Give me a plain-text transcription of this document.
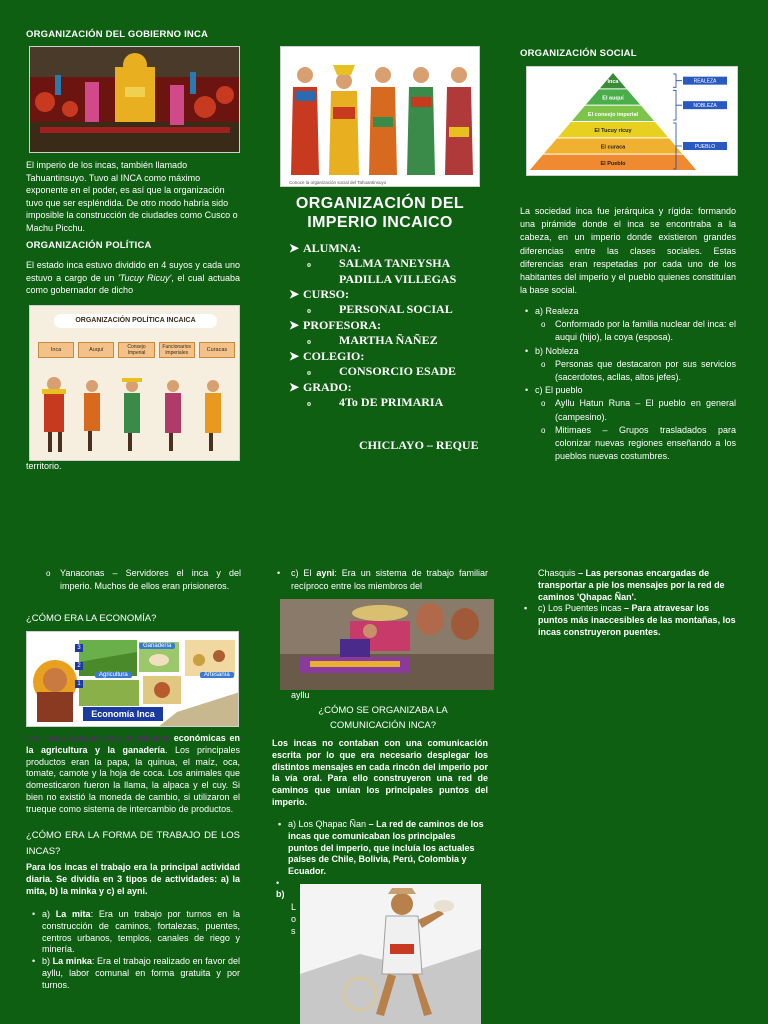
ORGANIZACIÓN DEL GOBIERNO INCA
El imperio de los incas, también llamado Tahuantinsuyo. Tuvo al INCA como máximo exponente en el poder, es así que la organización tuvo que ser espléndida. De otro modo habría sido imposible la construcción de ciudades como Cusco o Machu Picchu.
ORGANIZACIÓN POLÍTICA
El estado inca estuvo dividido en 4 suyos y cada uno estuvo a cargo de un 'Tucuy Ricuy', el cual actuaba como gobernador de dicho
ORGANIZACIÓN POLÍTICA INCAICA
Inca	Auquí	Consejo Imperial
Funcionarios imperiales	Curacas
territorio.
Conoce la organización social del Tahuantinsuyo
ORGANIZACIÓN DEL
IMPERIO INCAICO
➤ ALUMNA:
o SALMA TANEYSHA
PADILLA VILLEGAS
➤ CURSO:
o PERSONAL SOCIAL
➤ PROFESORA:
o MARTHA ÑAÑEZ
➤ COLEGIO:
o CONSORCIO ESADE
➤ GRADO:
o 4To DE PRIMARIA
CHICLAYO – REQUE
ORGANIZACIÓN SOCIAL
Inca
El auquí
El consejo imperial
El Tucuy ricuy
El curaca
El Pueblo
REALEZA
NOBLEZA
PUEBLO
La sociedad inca fue jerárquica y rígida: formando una pirámide donde el inca se encontraba a la cabeza, en un imperio donde existieron grandes diferencias entre las clases sociales. Estas diferencias eran respetadas por cada uno de los habitantes del imperio y el pueblo quienes constituían la base social.
• a) Realeza
o Conformado por la familia nuclear del inca: el auqui (hijo), la coya (esposa).
• b) Nobleza
o Personas que destacaron por sus servicios (sacerdotes, acllas, altos jefes).
• c) El pueblo
o Ayllu Hatun Runa – El pueblo en general (campesino).
o Mitimaes – Grupos trasladados para colonizar nuevas regiones enseñando a los pueblos nuevas costumbres.
o Yanaconas – Servidores el inca y del imperio. Muchos de ellos eran prisioneros.
¿CÓMO ERA LA ECONOMÍA?
Ganadería
Agricultura	Artesanía
Economía Inca
1
2
3
Los incas basaban sus actividades económicas en la agricultura y la ganadería. Los principales productos eran la papa, la quinua, el maíz, oca, tomate, camote y la hoja de coca. Los animales que domesticaron fueron la llama, la alpaca y el cuy. Si bien no existió la moneda de cambio, si utilizaron el trueque como sistema de intercambio de productos.
¿CÓMO ERA LA FORMA DE TRABAJO DE LOS INCAS?
Para los incas el trabajo era la principal actividad diaria. Se dividía en 3 tipos de actividades: a) la mita, b) la minka y c) el ayni.
• a) La mita: Era un trabajo por turnos en la construcción de caminos, fortalezas, puentes, centros urbanos, templos, canales de riego y minería.
• b) La minka: Era el trabajo realizado en favor del ayllu, labor comunal en forma gratuita y por turnos.
• c) El ayni: Era un sistema de trabajo familiar recíproco entre los miembros del
ayllu
¿CÓMO SE ORGANIZABA LA COMUNICACIÓN INCA?
Los incas no contaban con una comunicación escrita por lo que era necesario desplegar los distintos mensajes en cada rincón del imperio por la vía oral. Para ello construyeron una red de caminos que unían los principales puntos del imperio.
• a) Los Qhapac Ñan – La red de caminos de los incas que comunicaban los principales puntos del imperio, que incluía los actuales países de Chile, Bolivia, Perú, Colombia y Ecuador.
•
b)
L
o
s
Chasquis – Las personas encargadas de transportar a pie los mensajes por la red de caminos 'Qhapac Ñan'.
• c) Los Puentes incas – Para atravesar los puntos más inaccesibles de las montañas, los incas construyeron puentes.
